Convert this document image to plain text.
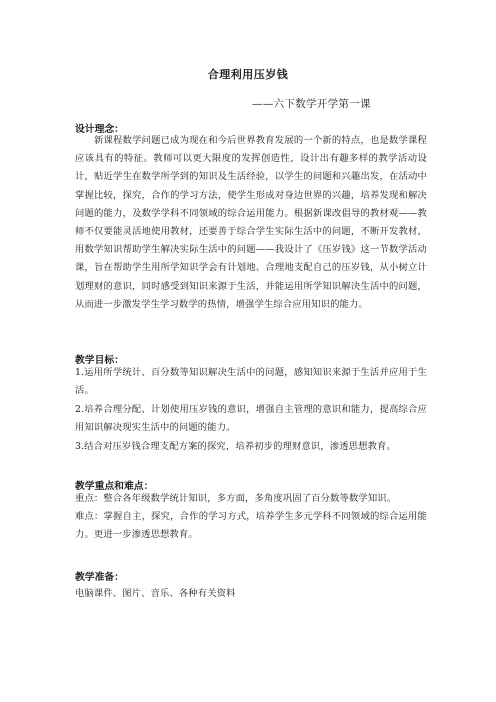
合理利用压岁钱
——六下数学开学第一课
设计理念：
新课程数学问题已成为现在和今后世界教育发展的一个新的特点，也是数学课程应该具有的特征。教师可以更大限度的发挥创造性，设计出有趣多样的教学活动设计，贴近学生在数学所学到的知识及生活经验，以学生的问题和兴趣出发，在活动中掌握比较，探究，合作的学习方法，使学生形成对身边世界的兴趣，培养发现和解决问题的能力，及数学学科不同领域的综合运用能力。根据新课改倡导的教材观——教师不仅要能灵活地使用教材，还要善于综合学生实际生活中的问题，不断开发教材，用数学知识帮助学生解决实际生活中的问题——我设计了《压岁钱》这一节数学活动课，旨在帮助学生用所学知识学会有计划地、合理地支配自己的压岁钱，从小树立计划理财的意识，同时感受到知识来源于生活，并能运用所学知识解决生活中的问题，从而进一步激发学生学习数学的热情，增强学生综合应用知识的能力。
教学目标：
1.运用所学统计、百分数等知识解决生活中的问题，感知知识来源于生活并应用于生活。
2.培养合理分配、计划使用压岁钱的意识，增强自主管理的意识和能力，提高综合应用知识解决现实生活中的问题的能力。
3.结合对压岁钱合理支配方案的探究，培养初步的理财意识，渗透思想教育。
教学重点和难点：
重点：整合各年级数学统计知识，多方面，多角度巩固了百分数等数学知识。
难点：掌握自主，探究，合作的学习方式，培养学生多元学科不同领域的综合运用能力。更进一步渗透思想教育。
教学准备：
电脑课件、图片、音乐、各种有关资料
